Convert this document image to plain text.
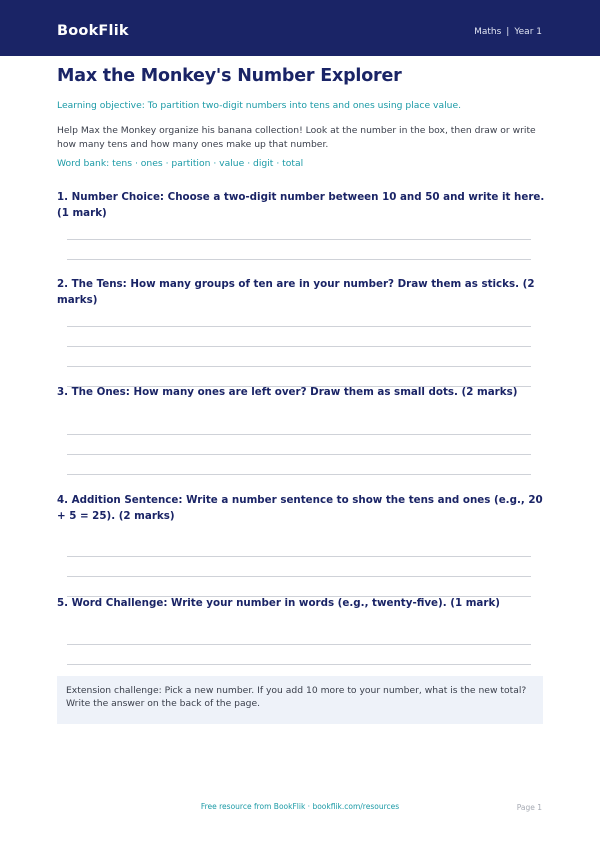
BookFlik	Maths | Year 1
Max the Monkey's Number Explorer
Learning objective: To partition two-digit numbers into tens and ones using place value.
Help Max the Monkey organize his banana collection! Look at the number in the box, then draw or write how many tens and how many ones make up that number.
Word bank: tens · ones · partition · value · digit · total
1. Number Choice: Choose a two-digit number between 10 and 50 and write it here. (1 mark)
2. The Tens: How many groups of ten are in your number? Draw them as sticks. (2 marks)
3. The Ones: How many ones are left over? Draw them as small dots. (2 marks)
4. Addition Sentence: Write a number sentence to show the tens and ones (e.g., 20 + 5 = 25). (2 marks)
5. Word Challenge: Write your number in words (e.g., twenty-five). (1 mark)
Extension challenge: Pick a new number. If you add 10 more to your number, what is the new total? Write the answer on the back of the page.
Free resource from BookFlik · bookflik.com/resources	Page 1
